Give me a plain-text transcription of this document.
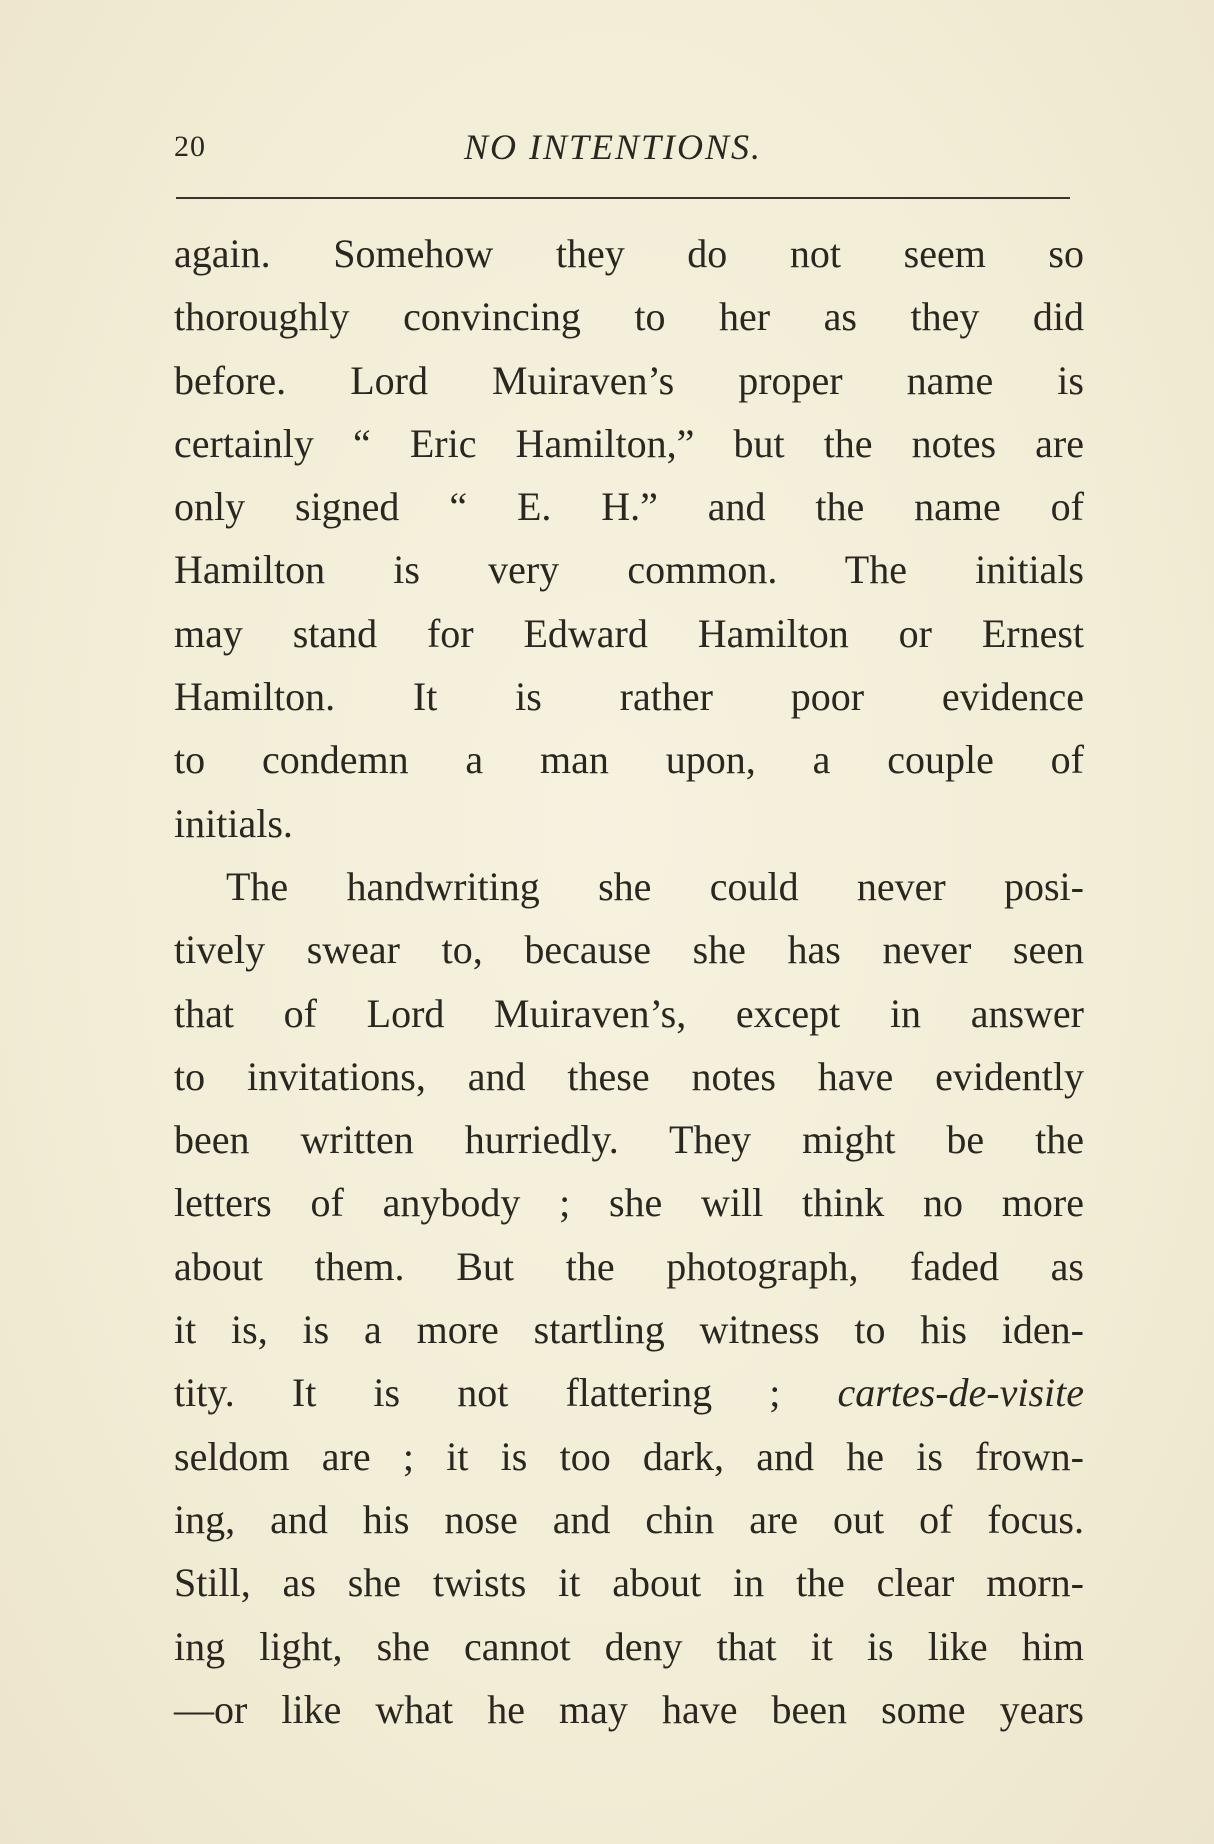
20	NO INTENTIONS.
again. Somehow they do not seem so
thoroughly convincing to her as they did
before. Lord Muiraven’s proper name is
certainly “ Eric Hamilton,” but the notes are
only signed “ E. H.” and the name of
Hamilton is very common. The initials
may stand for Edward Hamilton or Ernest
Hamilton. It is rather poor evidence
to condemn a man upon, a couple of
initials.
The handwriting she could never posi-
tively swear to, because she has never seen
that of Lord Muiraven’s, except in answer
to invitations, and these notes have evidently
been written hurriedly. They might be the
letters of anybody ; she will think no more
about them. But the photograph, faded as
it is, is a more startling witness to his iden-
tity. It is not flattering ; cartes-de-visite
seldom are ; it is too dark, and he is frown-
ing, and his nose and chin are out of focus.
Still, as she twists it about in the clear morn-
ing light, she cannot deny that it is like him
—or like what he may have been some years
